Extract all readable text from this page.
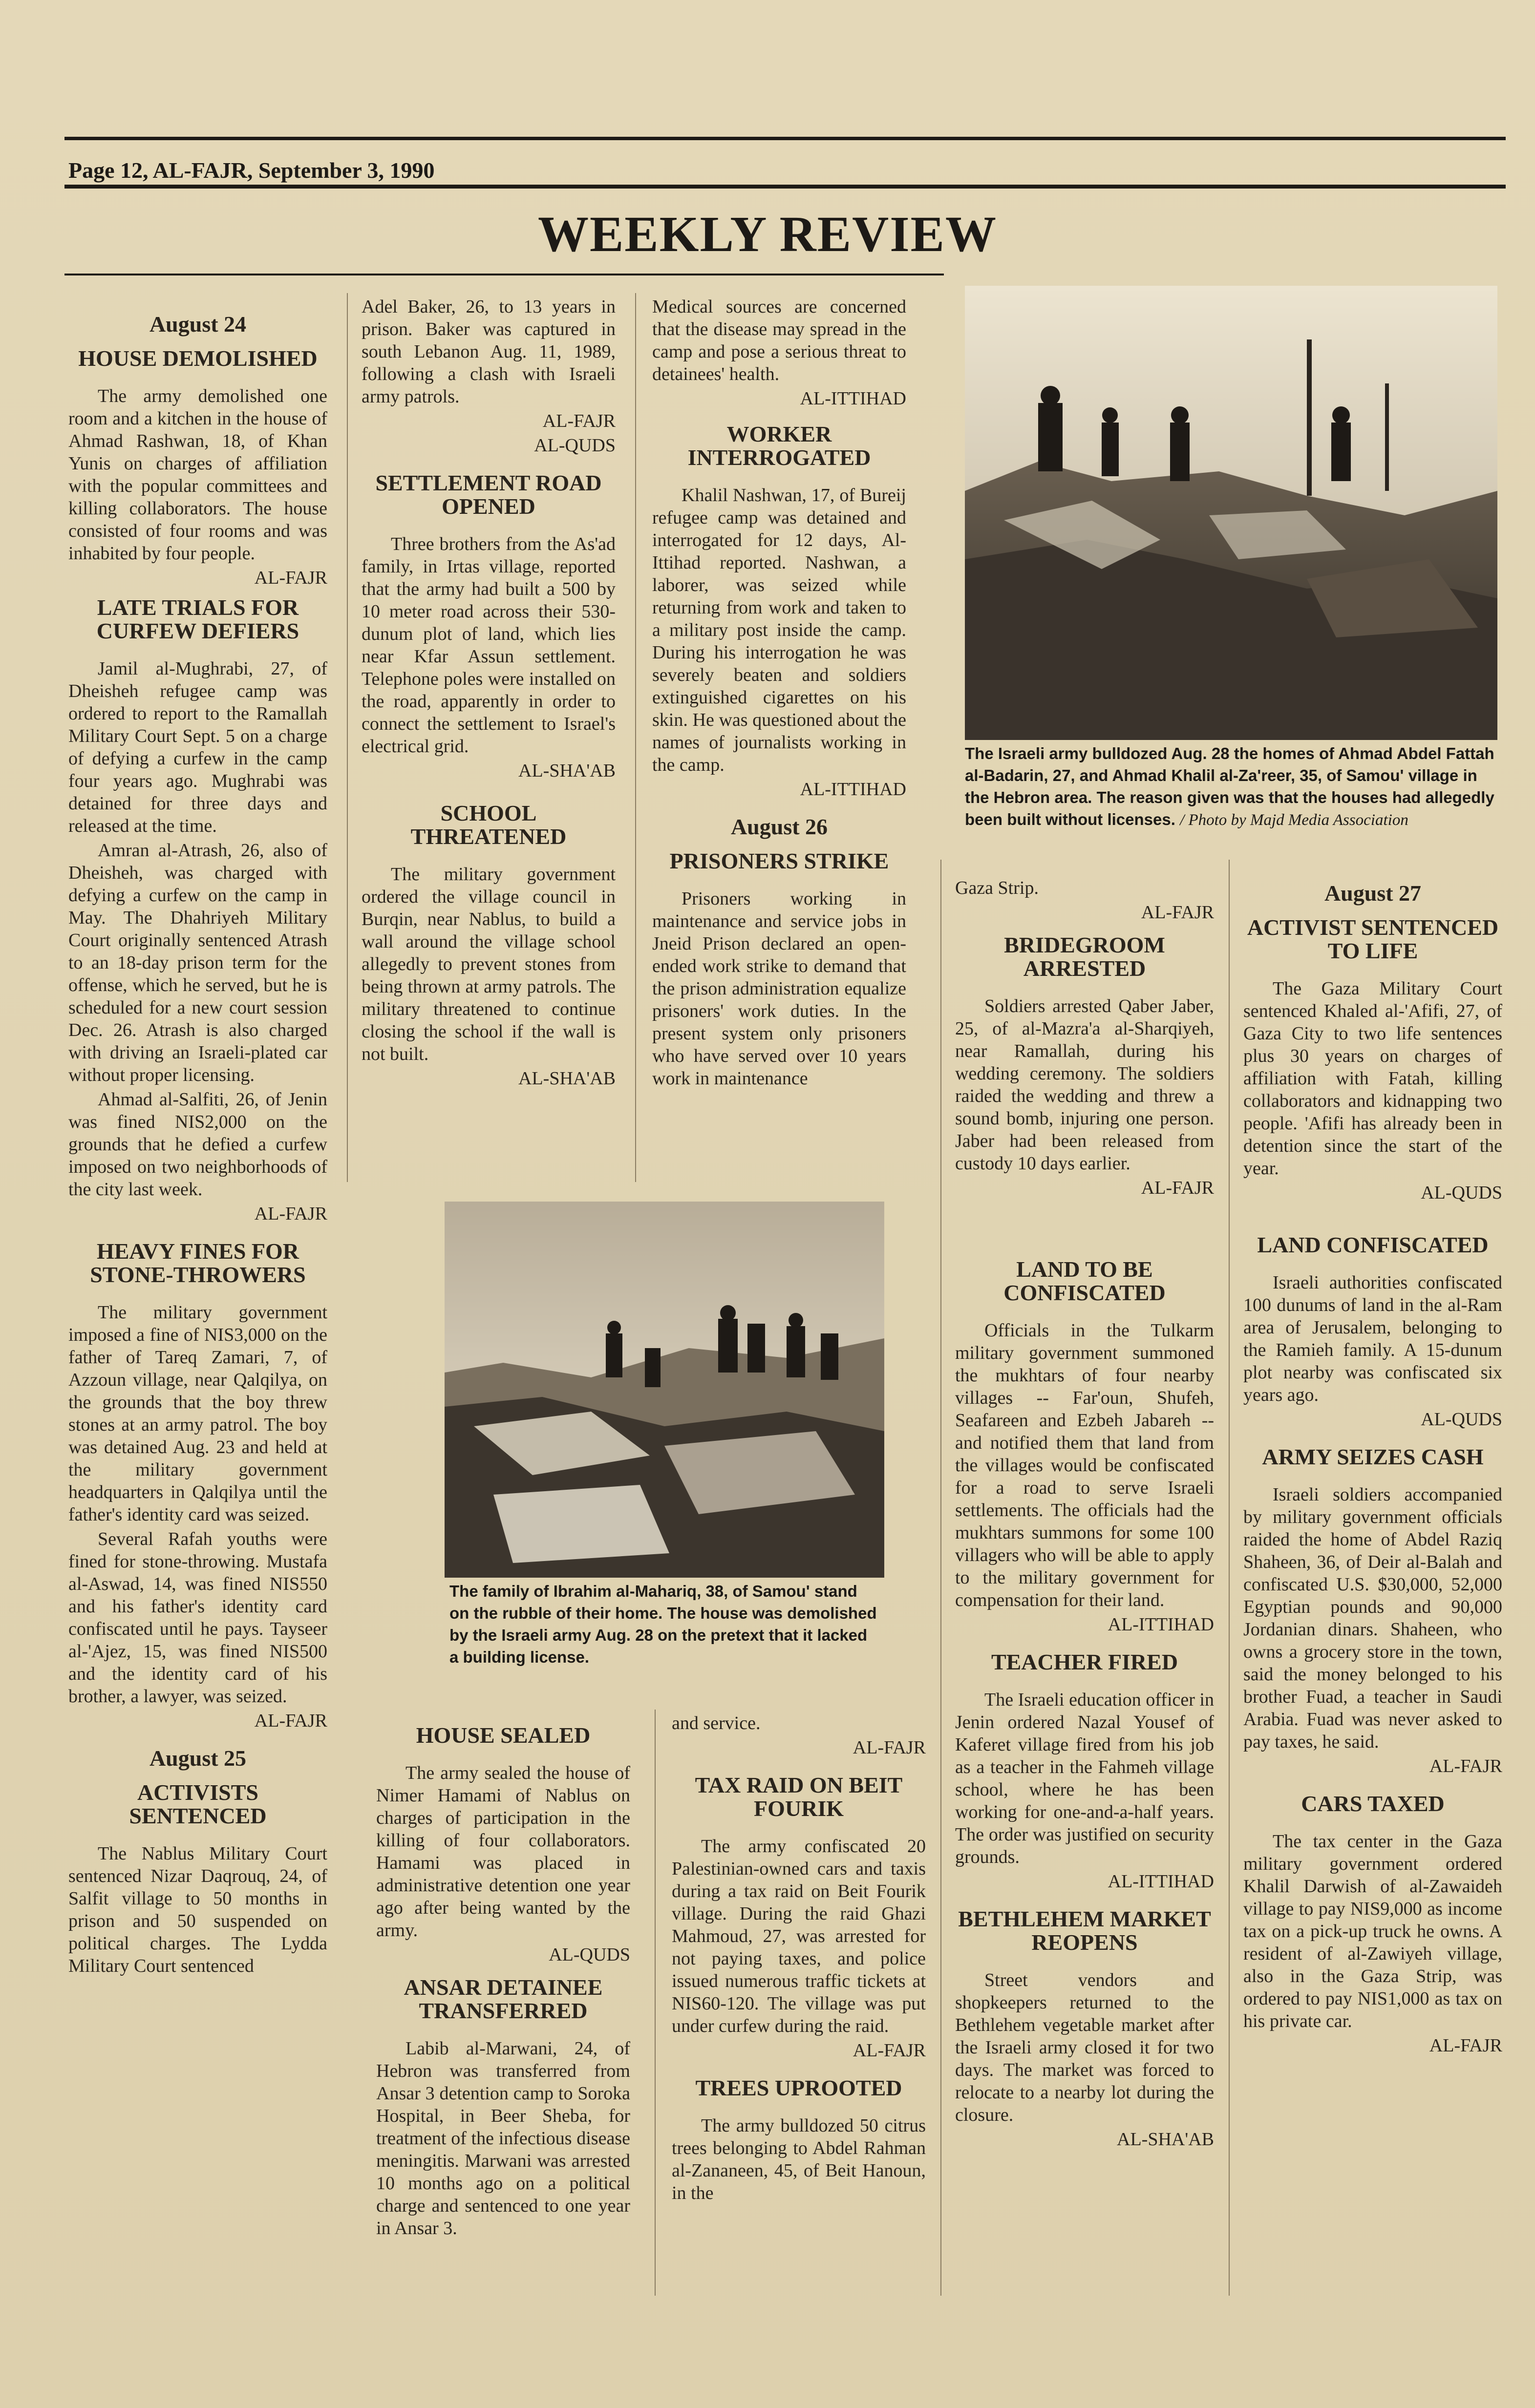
Page 12, AL-FAJR, September 3, 1990
WEEKLY REVIEW
August 24
HOUSE DEMOLISHED

The army demolished one room and a kitchen in the house of Ahmad Rashwan, 18, of Khan Yunis on charges of affiliation with the popular committees and killing collaborators. The house consisted of four rooms and was inhabited by four people.

AL-FAJR
LATE TRIALS FOR CURFEW DEFIERS

Jamil al-Mughrabi, 27, of Dheisheh refugee camp was ordered to report to the Ramallah Military Court Sept. 5 on a charge of defying a curfew in the camp four years ago. Mughrabi was detained for three days and released at the time.

Amran al-Atrash, 26, also of Dheisheh, was charged with defying a curfew on the camp in May. The Dhahriyeh Military Court originally sentenced Atrash to an 18-day prison term for the offense, which he served, but he is scheduled for a new court session Dec. 26. Atrash is also charged with driving an Israeli-plated car without proper licensing.

Ahmad al-Salfiti, 26, of Jenin was fined NIS2,000 on the grounds that he defied a curfew imposed on two neighborhoods of the city last week.

AL-FAJR
HEAVY FINES FOR STONE-THROWERS

The military government imposed a fine of NIS3,000 on the father of Tareq Zamari, 7, of Azzoun village, near Qalqilya, on the grounds that the boy threw stones at an army patrol. The boy was detained Aug. 23 and held at the military government headquarters in Qalqilya until the father's identity card was seized.

Several Rafah youths were fined for stone-throwing. Mustafa al-Aswad, 14, was fined NIS550 and his father's identity card confiscated until he pays. Tayseer al-'Ajez, 15, was fined NIS500 and the identity card of his brother, a lawyer, was seized.

AL-FAJR
August 25
ACTIVISTS SENTENCED

The Nablus Military Court sentenced Nizar Daqrouq, 24, of Salfit village to 50 months in prison and 50 suspended on political charges. The Lydda Military Court sentenced

Adel Baker, 26, to 13 years in prison. Baker was captured in south Lebanon Aug. 11, 1989, following a clash with Israeli army patrols.

AL-FAJR
AL-QUDS
SETTLEMENT ROAD OPENED

Three brothers from the As'ad family, in Irtas village, reported that the army had built a 500 by 10 meter road across their 530-dunum plot of land, which lies near Kfar Assun settlement. Telephone poles were installed on the road, apparently in order to connect the settlement to Israel's electrical grid.

AL-SHA'AB
SCHOOL THREATENED

The military government ordered the village council in Burqin, near Nablus, to build a wall around the village school allegedly to prevent stones from being thrown at army patrols. The military threatened to continue closing the school if the wall is not built.

AL-SHA'AB

Medical sources are concerned that the disease may spread in the camp and pose a serious threat to detainees' health.

AL-ITTIHAD
WORKER INTERROGATED

Khalil Nashwan, 17, of Bureij refugee camp was detained and interrogated for 12 days, Al-Ittihad reported. Nashwan, a laborer, was seized while returning from work and taken to a military post inside the camp. During his interrogation he was severely beaten and soldiers extinguished cigarettes on his skin. He was questioned about the names of journalists working in the camp.

AL-ITTIHAD
August 26
PRISONERS STRIKE

Prisoners working in maintenance and service jobs in Jneid Prison declared an open-ended work strike to demand that the prison administration equalize prisoners' work duties. In the present system only prisoners who have served over 10 years work in maintenance

The Israeli army bulldozed Aug. 28 the homes of Ahmad Abdel Fattah al-Badarin, 27, and Ahmad Khalil al-Za'reer, 35, of Samou' village in the Hebron area. The reason given was that the houses had allegedly been built without licenses. / Photo by Majd Media Association
The family of Ibrahim al-Mahariq, 38, of Samou' stand on the rubble of their home. The house was demolished by the Israeli army Aug. 28 on the pretext that it lacked a building license.
HOUSE SEALED

The army sealed the house of Nimer Hamami of Nablus on charges of participation in the killing of four collaborators. Hamami was placed in administrative detention one year ago after being wanted by the army.

AL-QUDS
ANSAR DETAINEE TRANSFERRED

Labib al-Marwani, 24, of Hebron was transferred from Ansar 3 detention camp to Soroka Hospital, in Beer Sheba, for treatment of the infectious disease meningitis. Marwani was arrested 10 months ago on a political charge and sentenced to one year in Ansar 3.

and service.

AL-FAJR
TAX RAID ON BEIT FOURIK

The army confiscated 20 Palestinian-owned cars and taxis during a tax raid on Beit Fourik village. During the raid Ghazi Mahmoud, 27, was arrested for not paying taxes, and police issued numerous traffic tickets at NIS60-120. The village was put under curfew during the raid.

AL-FAJR
TREES UPROOTED

The army bulldozed 50 citrus trees belonging to Abdel Rahman al-Zananeen, 45, of Beit Hanoun, in the

Gaza Strip.

AL-FAJR
BRIDEGROOM ARRESTED

Soldiers arrested Qaber Jaber, 25, of al-Mazra'a al-Sharqiyeh, near Ramallah, during his wedding ceremony. The soldiers raided the wedding and threw a sound bomb, injuring one person. Jaber had been released from custody 10 days earlier.

AL-FAJR
LAND TO BE CONFISCATED

Officials in the Tulkarm military government summoned the mukhtars of four nearby villages -- Far'oun, Shufeh, Seafareen and Ezbeh Jabareh -- and notified them that land from the villages would be confiscated for a road to serve Israeli settlements. The officials had the mukhtars summons for some 100 villagers who will be able to apply to the military government for compensation for their land.

AL-ITTIHAD
TEACHER FIRED

The Israeli education officer in Jenin ordered Nazal Yousef of Kaferet village fired from his job as a teacher in the Fahmeh village school, where he has been working for one-and-a-half years. The order was justified on security grounds.

AL-ITTIHAD
BETHLEHEM MARKET REOPENS

Street vendors and shopkeepers returned to the Bethlehem vegetable market after the Israeli army closed it for two days. The market was forced to relocate to a nearby lot during the closure.

AL-SHA'AB
August 27
ACTIVIST SENTENCED TO LIFE

The Gaza Military Court sentenced Khaled al-'Afifi, 27, of Gaza City to two life sentences plus 30 years on charges of affiliation with Fatah, killing collaborators and kidnapping two people. 'Afifi has already been in detention since the start of the year.

AL-QUDS
LAND CONFISCATED

Israeli authorities confiscated 100 dunums of land in the al-Ram area of Jerusalem, belonging to the Ramieh family. A 15-dunum plot nearby was confiscated six years ago.

AL-QUDS
ARMY SEIZES CASH

Israeli soldiers accompanied by military government officials raided the home of Abdel Raziq Shaheen, 36, of Deir al-Balah and confiscated U.S. $30,000, 52,000 Egyptian pounds and 90,000 Jordanian dinars. Shaheen, who owns a grocery store in the town, said the money belonged to his brother Fuad, a teacher in Saudi Arabia. Fuad was never asked to pay taxes, he said.

AL-FAJR
CARS TAXED

The tax center in the Gaza military government ordered Khalil Darwish of al-Zawaideh village to pay NIS9,000 as income tax on a pick-up truck he owns. A resident of al-Zawiyeh village, also in the Gaza Strip, was ordered to pay NIS1,000 as tax on his private car.

AL-FAJR
